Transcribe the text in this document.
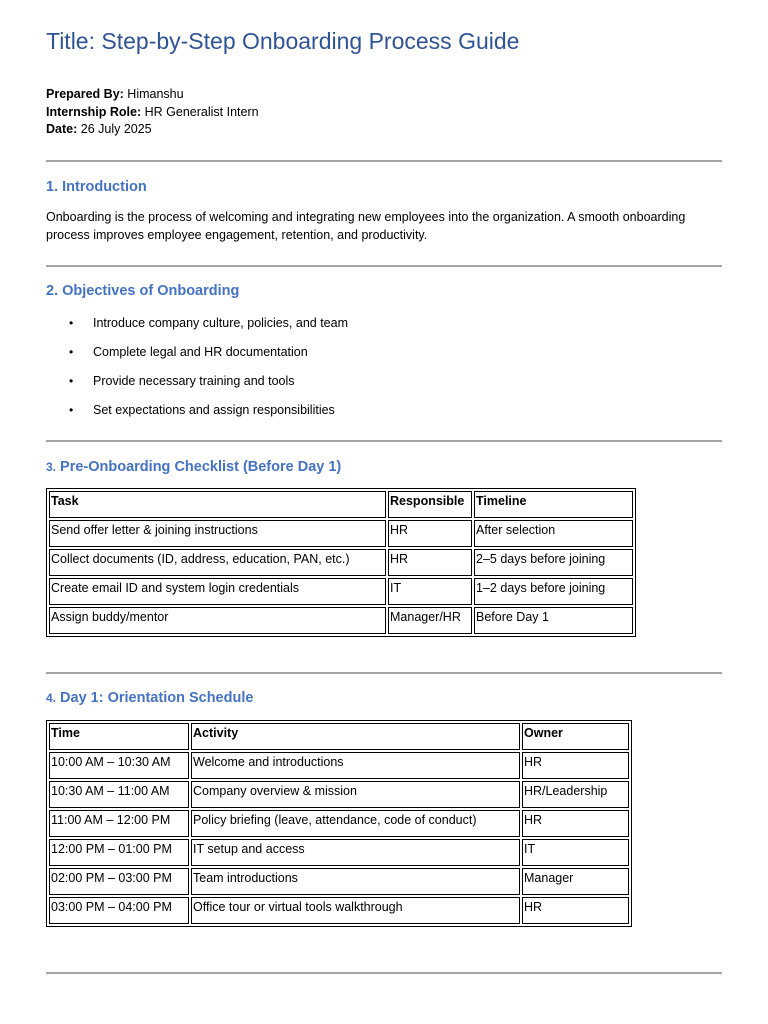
Title: Step-by-Step Onboarding Process Guide
Prepared By: Himanshu
Internship Role: HR Generalist Intern
Date: 26 July 2025
1. Introduction
Onboarding is the process of welcoming and integrating new employees into the organization. A smooth onboarding process improves employee engagement, retention, and productivity.
2. Objectives of Onboarding
• Introduce company culture, policies, and team
• Complete legal and HR documentation
• Provide necessary training and tools
• Set expectations and assign responsibilities
3. Pre-Onboarding Checklist (Before Day 1)
Task	Responsible	Timeline
Send offer letter & joining instructions	HR	After selection
Collect documents (ID, address, education, PAN, etc.)	HR	2–5 days before joining
Create email ID and system login credentials	IT	1–2 days before joining
Assign buddy/mentor	Manager/HR	Before Day 1
4. Day 1: Orientation Schedule
Time	Activity	Owner
10:00 AM – 10:30 AM	Welcome and introductions	HR
10:30 AM – 11:00 AM	Company overview & mission	HR/Leadership
11:00 AM – 12:00 PM	Policy briefing (leave, attendance, code of conduct)	HR
12:00 PM – 01:00 PM	IT setup and access	IT
02:00 PM – 03:00 PM	Team introductions	Manager
03:00 PM – 04:00 PM	Office tour or virtual tools walkthrough	HR
